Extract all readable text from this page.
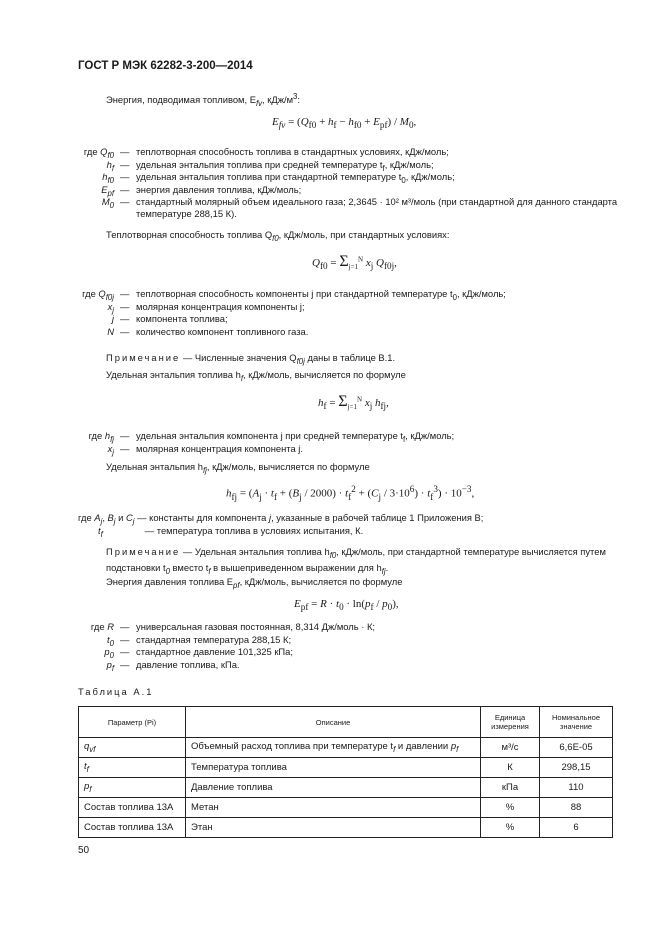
ГОСТ Р МЭК 62282-3-200—2014
Энергия, подводимая топливом, $E_{fv}$, кДж/$м^3$:
$E_{fv} = (Q_{f0} + h_f - h_{f0} + E_{pf}) / M_0$,
где $Q_{f0}$ — теплотворная способность топлива в стандартных условиях, кДж/моль;
$h_f$ — удельная энтальпия топлива при средней температуре $t_f$, кДж/моль;
$h_{f0}$ — удельная энтальпия топлива при стандартной температуре $t_0$, кДж/моль;
$E_{pf}$ — энергия давления топлива, кДж/моль;
$M_0$ — стандартный молярный объем идеального газа; 2,3645 · 10² м³/моль (при стандартной для данного стандарта температуре 288,15 К).
Теплотворная способность топлива $Q_{f0}$, кДж/моль, при стандартных условиях:
$Q_{f0} = \Sigma_{j=1}^N$ $x_j$ $Q_{f0j}$,
где $Q_{f0j}$ — теплотворная способность компоненты j при стандартной температуре $t_0$, кДж/моль;
$x_j$ — молярная концентрация компоненты j;
j — компонента топлива;
N — количество компонент топливного газа.
Примечание — Численные значения $Q_{f0j}$ даны в таблице В.1.
Удельная энтальпия топлива $h_f$, кДж/моль, вычисляется по формуле
$h_f = \Sigma_{j=1}^N$ $x_j$ $h_{fj}$,
где $h_{fj}$ — удельная энтальпия компонента j при средней температуре $t_f$, кДж/моль;
$x_j$ — молярная концентрация компонента j.
Удельная энтальпия $h_{fj}$, кДж/моль, вычисляется по формуле
$h_{fj} = (A_j \cdot t_f + (B_j / 2000) \cdot t_f^2 + (C_j / 3\cdot 10^6) \cdot t_f^3) \cdot 10^{-3}$,
где $A_j$, $B_j$ и $C_j$ — константы для компонента j, указанные в рабочей таблице 1 Приложения В;
$t_f$	— температура топлива в условиях испытания, К.
Примечание — Удельная энтальпия топлива $h_{f0}$, кДж/моль, при стандартной температуре вычисляется путем подстановки $t_0$ вместо $t_f$ в вышеприведенном выражении для $h_{fj}$.
Энергия давления топлива $E_{pf}$, кДж/моль, вычисляется по формуле
$E_{pf} = R \cdot t_0 \cdot \ln(p_f / p_0)$,
где R — универсальная газовая постоянная, 8,314 Дж/моль · К;
$t_0$ — стандартная температура 288,15 К;
$p_0$ — стандартное давление 101,325 кПа;
$p_f$ — давление топлива, кПа.
Таблица А.1
Параметр (Pi)	Описание	Единица измерения	Номинальное значение
$q_{vf}$	Объемный расход топлива при температуре $t_f$ и давлении $p_f$	м³/с	6,6E-05
$t_f$	Температура топлива	К	298,15
$p_f$	Давление топлива	кПа	110
Состав топлива 13А	Метан	%	88
Состав топлива 13А	Этан	%	6
50
